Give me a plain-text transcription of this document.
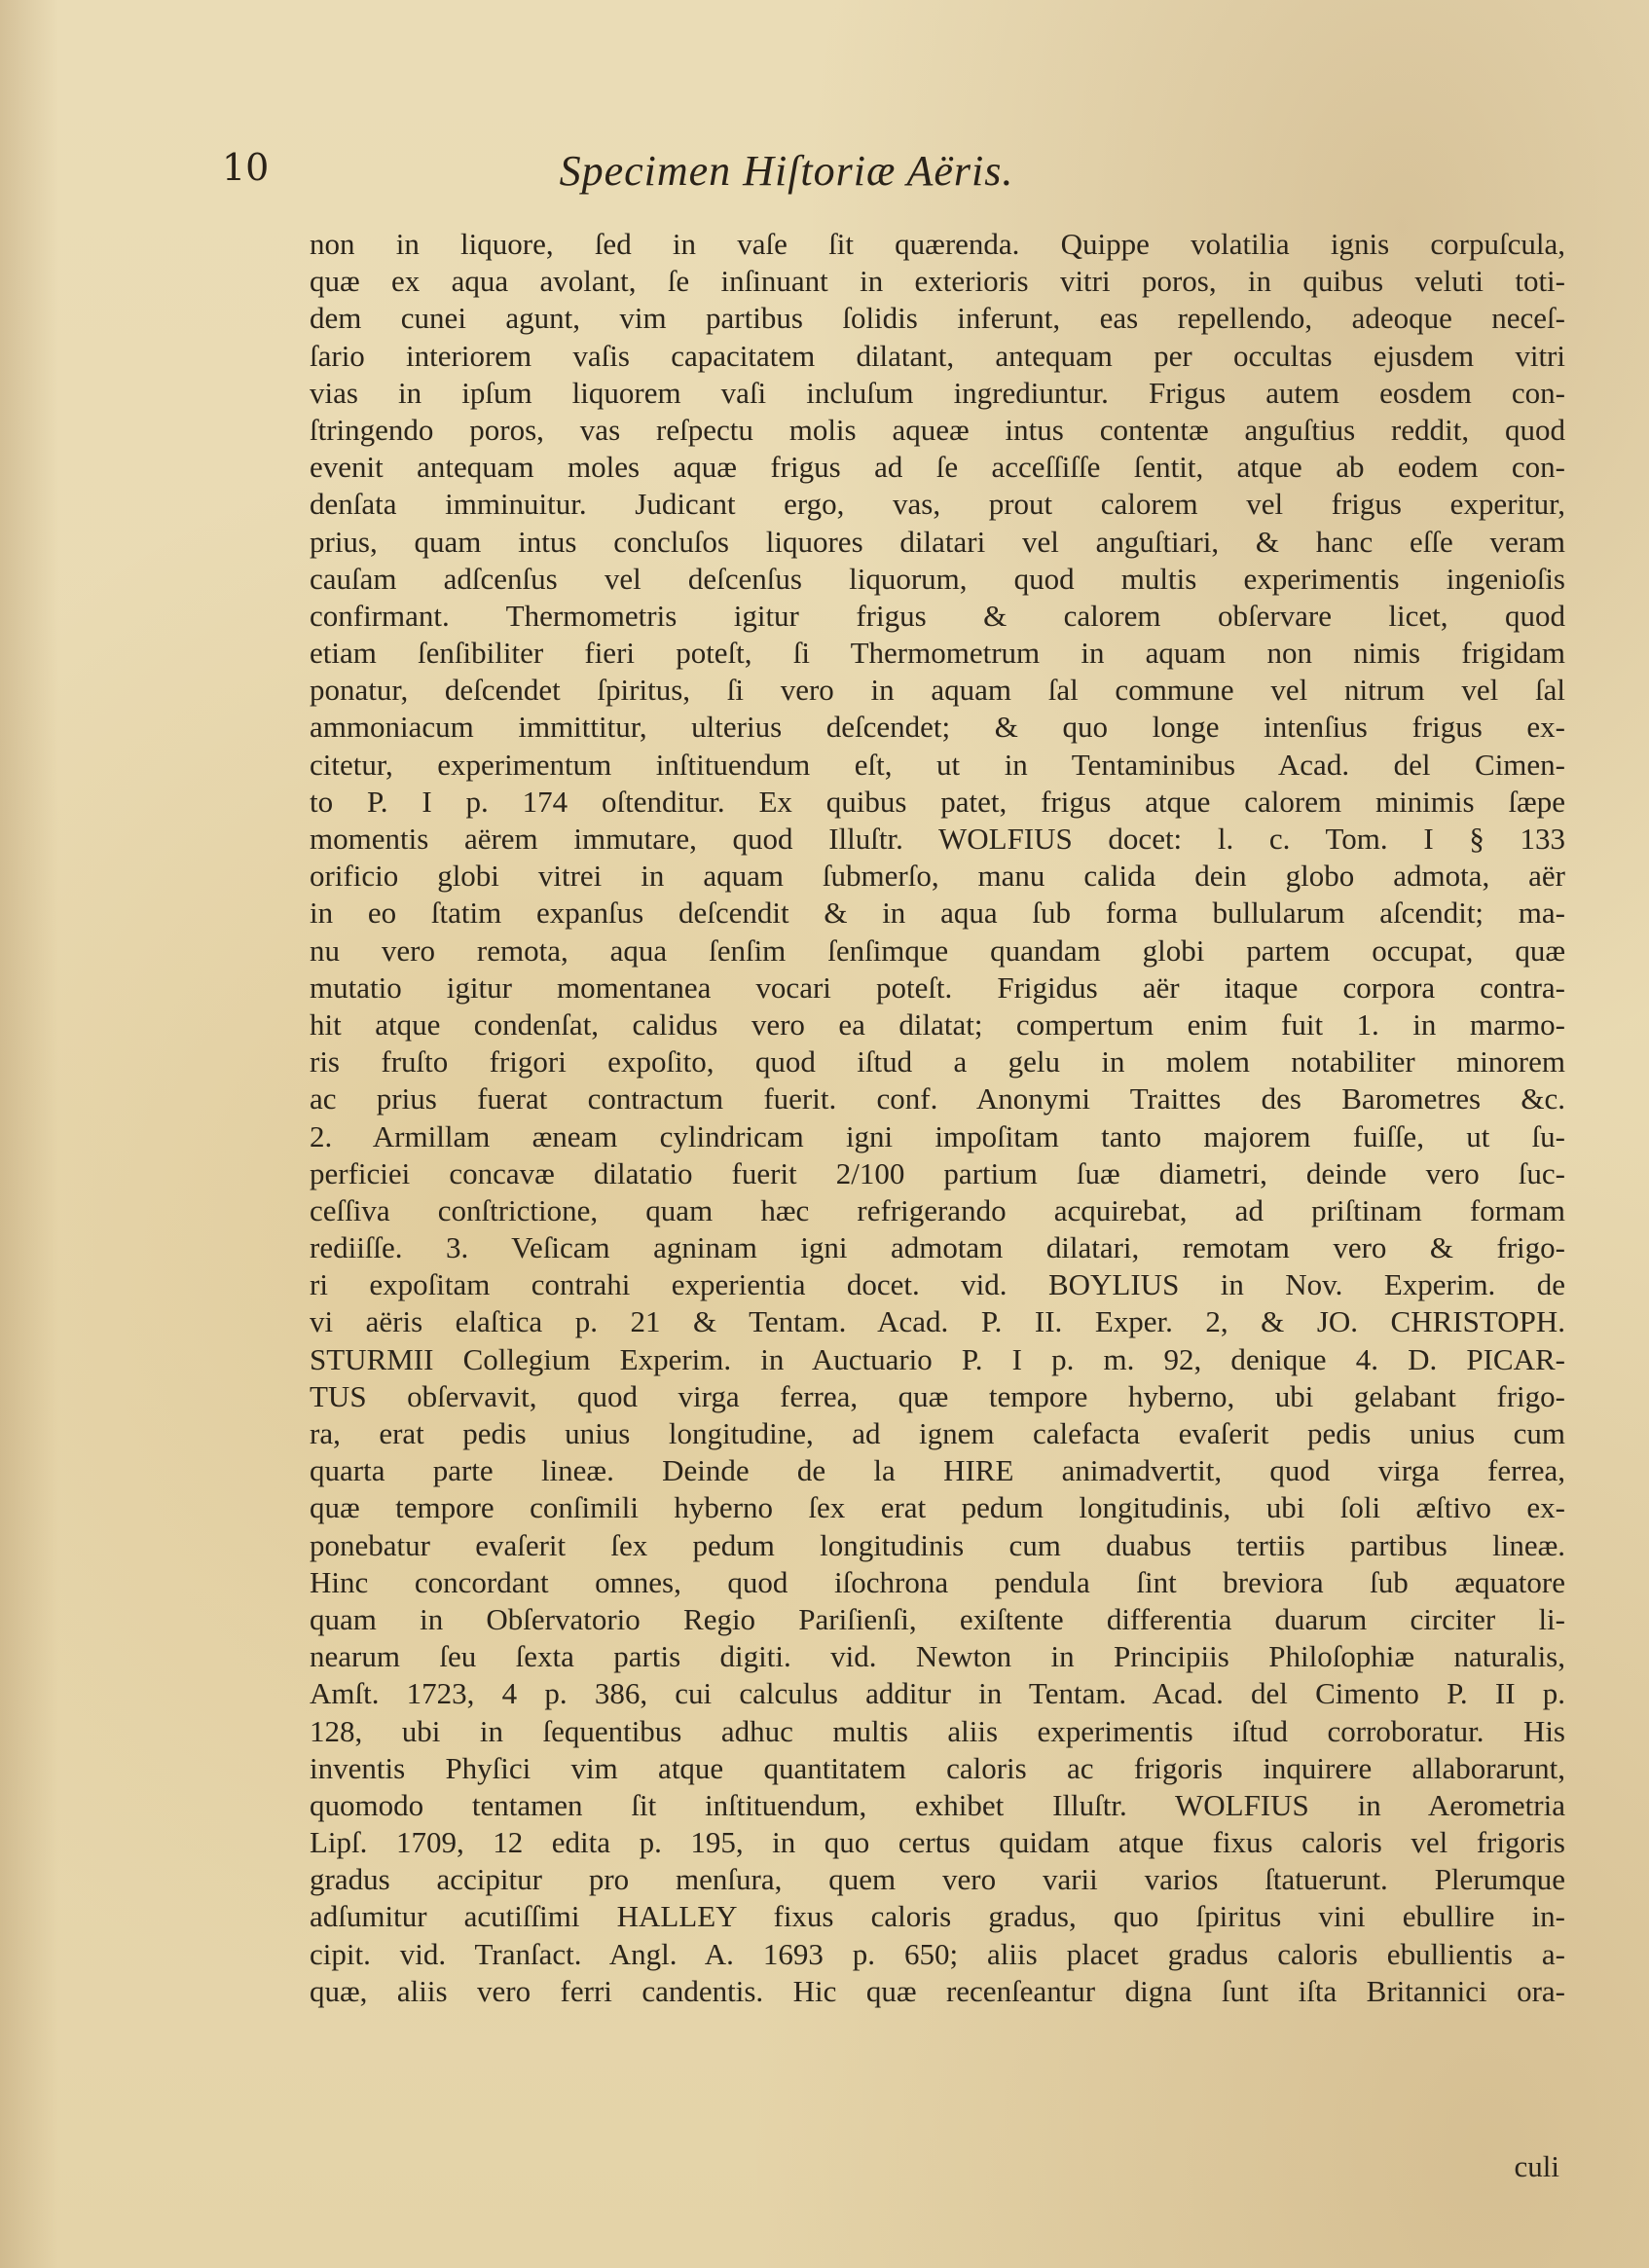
10	Specimen Hiſtoriæ Aëris.
non in liquore, ſed in vaſe ſit quærenda. Quippe volatilia ignis corpuſcula,
quæ ex aqua avolant, ſe inſinuant in exterioris vitri poros, in quibus veluti toti-
dem cunei agunt, vim partibus ſolidis inferunt, eas repellendo, adeoque neceſ-
ſario interiorem vaſis capacitatem dilatant, antequam per occultas ejusdem vitri
vias in ipſum liquorem vaſi incluſum ingrediuntur. Frigus autem eosdem con-
ſtringendo poros, vas reſpectu molis aqueæ intus contentæ anguſtius reddit, quod
evenit antequam moles aquæ frigus ad ſe acceſſiſſe ſentit, atque ab eodem con-
denſata imminuitur. Judicant ergo, vas, prout calorem vel frigus experitur,
prius, quam intus concluſos liquores dilatari vel anguſtiari, & hanc eſſe veram
cauſam adſcenſus vel deſcenſus liquorum, quod multis experimentis ingenioſis
confirmant. Thermometris igitur frigus & calorem obſervare licet, quod
etiam ſenſibiliter fieri poteſt, ſi Thermometrum in aquam non nimis frigidam
ponatur, deſcendet ſpiritus, ſi vero in aquam ſal commune vel nitrum vel ſal
ammoniacum immittitur, ulterius deſcendet; & quo longe intenſius frigus ex-
citetur, experimentum inſtituendum eſt, ut in Tentaminibus Acad. del Cimen-
to P. I p. 174 oſtenditur. Ex quibus patet, frigus atque calorem minimis ſæpe
momentis aërem immutare, quod Illuſtr. WOLFIUS docet: l. c. Tom. I § 133
orificio globi vitrei in aquam ſubmerſo, manu calida dein globo admota, aër
in eo ſtatim expanſus deſcendit & in aqua ſub forma bullularum aſcendit; ma-
nu vero remota, aqua ſenſim ſenſimque quandam globi partem occupat, quæ
mutatio igitur momentanea vocari poteſt. Frigidus aër itaque corpora contra-
hit atque condenſat, calidus vero ea dilatat; compertum enim fuit 1. in marmo-
ris fruſto frigori expoſito, quod iſtud a gelu in molem notabiliter minorem
ac prius fuerat contractum fuerit. conf. Anonymi Traittes des Barometres &c.
2. Armillam æneam cylindricam igni impoſitam tanto majorem fuiſſe, ut ſu-
perficiei concavæ dilatatio fuerit 2/100 partium ſuæ diametri, deinde vero ſuc-
ceſſiva conſtrictione, quam hæc refrigerando acquirebat, ad priſtinam formam
rediiſſe. 3. Veſicam agninam igni admotam dilatari, remotam vero & frigo-
ri expoſitam contrahi experientia docet. vid. BOYLIUS in Nov. Experim. de
vi aëris elaſtica p. 21 & Tentam. Acad. P. II. Exper. 2, & JO. CHRISTOPH.
STURMII Collegium Experim. in Auctuario P. I p. m. 92, denique 4. D. PICAR-
TUS obſervavit, quod virga ferrea, quæ tempore hyberno, ubi gelabant frigo-
ra, erat pedis unius longitudine, ad ignem calefacta evaſerit pedis unius cum
quarta parte lineæ. Deinde de la HIRE animadvertit, quod virga ferrea,
quæ tempore conſimili hyberno ſex erat pedum longitudinis, ubi ſoli æſtivo ex-
ponebatur evaſerit ſex pedum longitudinis cum duabus tertiis partibus lineæ.
Hinc concordant omnes, quod iſochrona pendula ſint breviora ſub æquatore
quam in Obſervatorio Regio Pariſienſi, exiſtente differentia duarum circiter li-
nearum ſeu ſexta partis digiti. vid. Newton in Principiis Philoſophiæ naturalis,
Amſt. 1723, 4 p. 386, cui calculus additur in Tentam. Acad. del Cimento P. II p.
128, ubi in ſequentibus adhuc multis aliis experimentis iſtud corroboratur. His
inventis Phyſici vim atque quantitatem caloris ac frigoris inquirere allaborarunt,
quomodo tentamen ſit inſtituendum, exhibet Illuſtr. WOLFIUS in Aerometria
Lipſ. 1709, 12 edita p. 195, in quo certus quidam atque fixus caloris vel frigoris
gradus accipitur pro menſura, quem vero varii varios ſtatuerunt. Plerumque
adſumitur acutiſſimi HALLEY fixus caloris gradus, quo ſpiritus vini ebullire in-
cipit. vid. Tranſact. Angl. A. 1693 p. 650; aliis placet gradus caloris ebullientis a-
quæ, aliis vero ferri candentis. Hic quæ recenſeantur digna ſunt iſta Britannici ora-
culi
